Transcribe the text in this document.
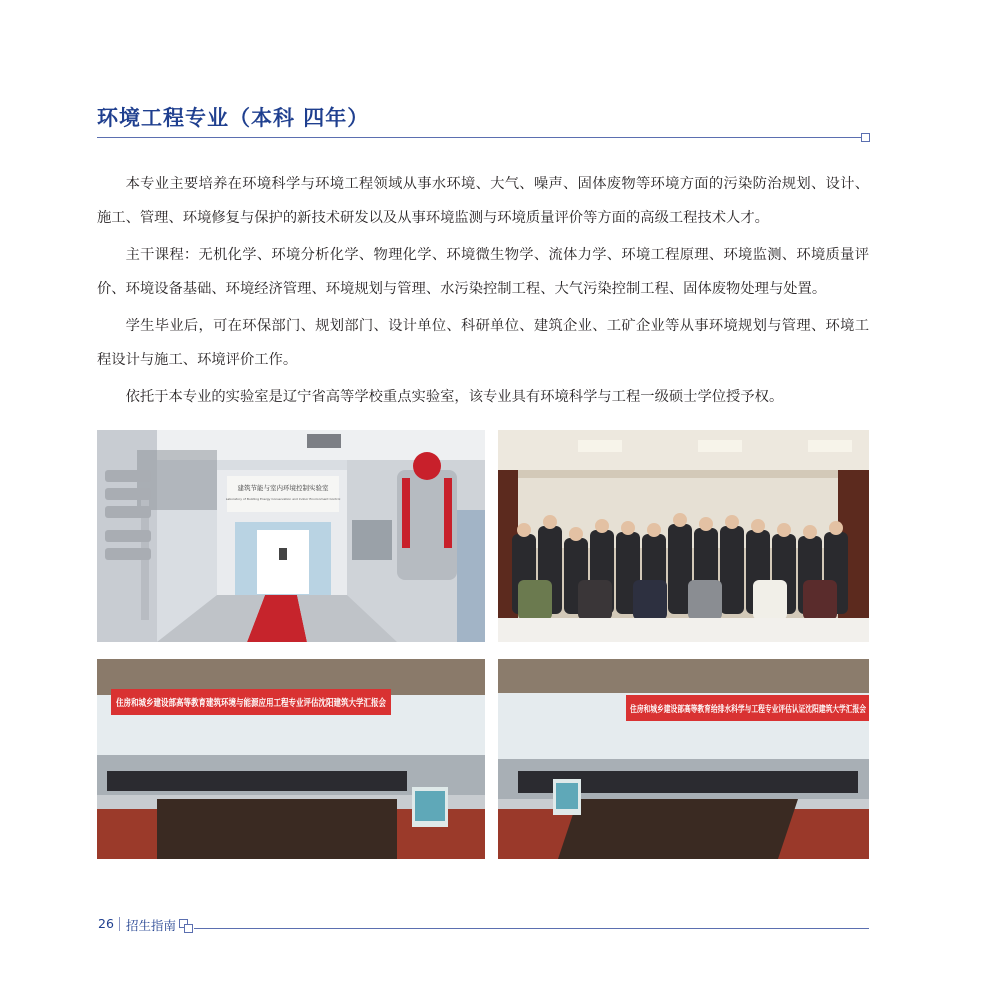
环境工程专业（本科 四年）

本专业主要培养在环境科学与环境工程领域从事水环境、大气、噪声、固体废物等环境方面的污染防治规划、设计、施工、管理、环境修复与保护的新技术研发以及从事环境监测与环境质量评价等方面的高级工程技术人才。

主干课程：无机化学、环境分析化学、物理化学、环境微生物学、流体力学、环境工程原理、环境监测、环境质量评价、环境设备基础、环境经济管理、环境规划与管理、水污染控制工程、大气污染控制工程、固体废物处理与处置。

学生毕业后，可在环保部门、规划部门、设计单位、科研单位、建筑企业、工矿企业等从事环境规划与管理、环境工程设计与施工、环境评价工作。

依托于本专业的实验室是辽宁省高等学校重点实验室，该专业具有环境科学与工程一级硕士学位授予权。

建筑节能与室内环境控制实验室
Laboratory of Building Energy Conservation and Indoor Environment Control
住房和城乡建设部高等教育建筑环境与能源应用工程专业评估沈阳建筑大学汇报会
住房和城乡建设部高等教育给排水科学与工程专业评估认证沈阳建筑大学汇报会
26 招生指南
